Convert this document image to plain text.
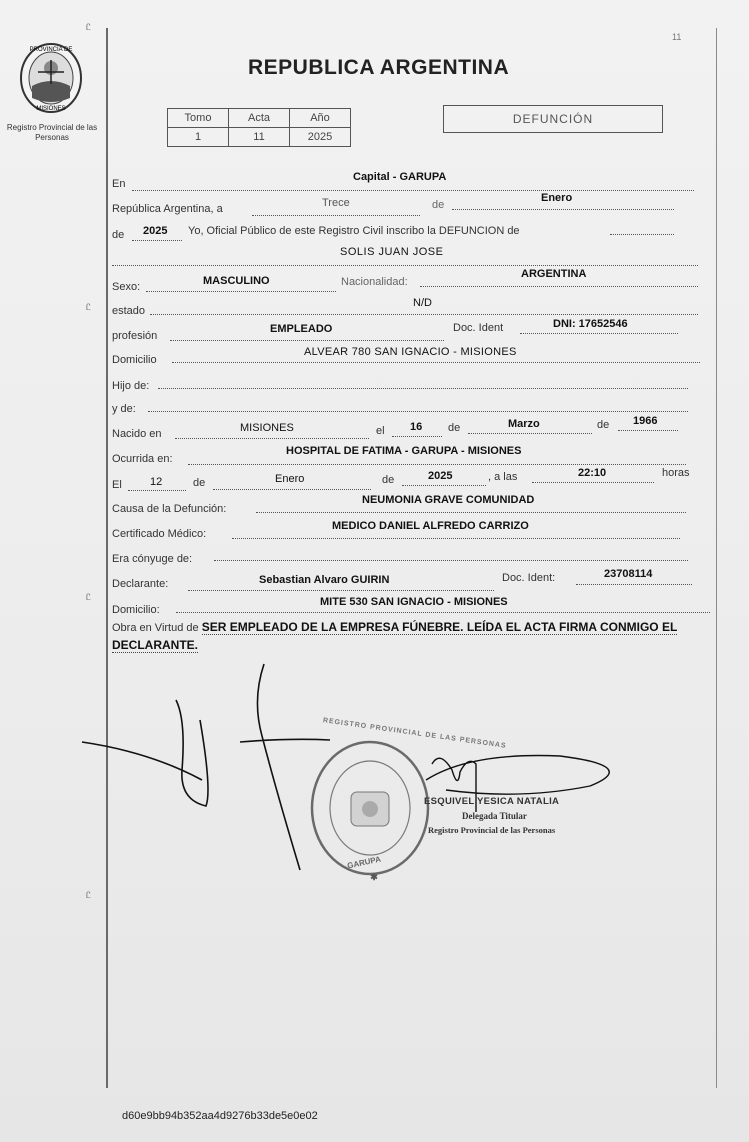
Ꮭ
Ꮭ
Ꮭ
Ꮭ
PROVINCIA DE
MISIONES
Registro Provincial de las Personas
11
REPUBLICA ARGENTINA
Tomo	Acta	Año
1	11	2025
DEFUNCIÓN
En
Capital - GARUPA
República Argentina, a	Trece	de
Enero
de 2025 Yo, Oficial Público de este Registro Civil inscribo la DEFUNCION de
SOLIS JUAN JOSE
Sexo:	MASCULINO	Nacionalidad:
ARGENTINA
estado
N/D
profesión
EMPLEADO	Doc. Ident	DNI: 17652546
Domicilio
ALVEAR 780 SAN IGNACIO - MISIONES
Hijo de:
y de:
Nacido en	MISIONES	el 16 de	Marzo	de 1966
Ocurrida en:
HOSPITAL DE FATIMA - GARUPA - MISIONES
El	12	de	Enero	de	2025	, a las	22:10	horas
Causa de la Defunción:
NEUMONIA GRAVE COMUNIDAD
Certificado Médico:
MEDICO DANIEL ALFREDO CARRIZO
Era cónyuge de:
Declarante:	Sebastian Alvaro GUIRIN	Doc. Ident:	23708114
Domicilio:
MITE 530 SAN IGNACIO - MISIONES
Obra en Virtud de SER EMPLEADO DE LA EMPRESA FÚNEBRE. LEÍDA EL ACTA FIRMA CONMIGO EL DECLARANTE.
✱
REGISTRO PROVINCIAL DE LAS PERSONAS
GARUPA
ESQUIVEL YESICA NATALIA
Delegada Titular
Registro Provincial de las Personas
d60e9bb94b352aa4d9276b33de5e0e02
